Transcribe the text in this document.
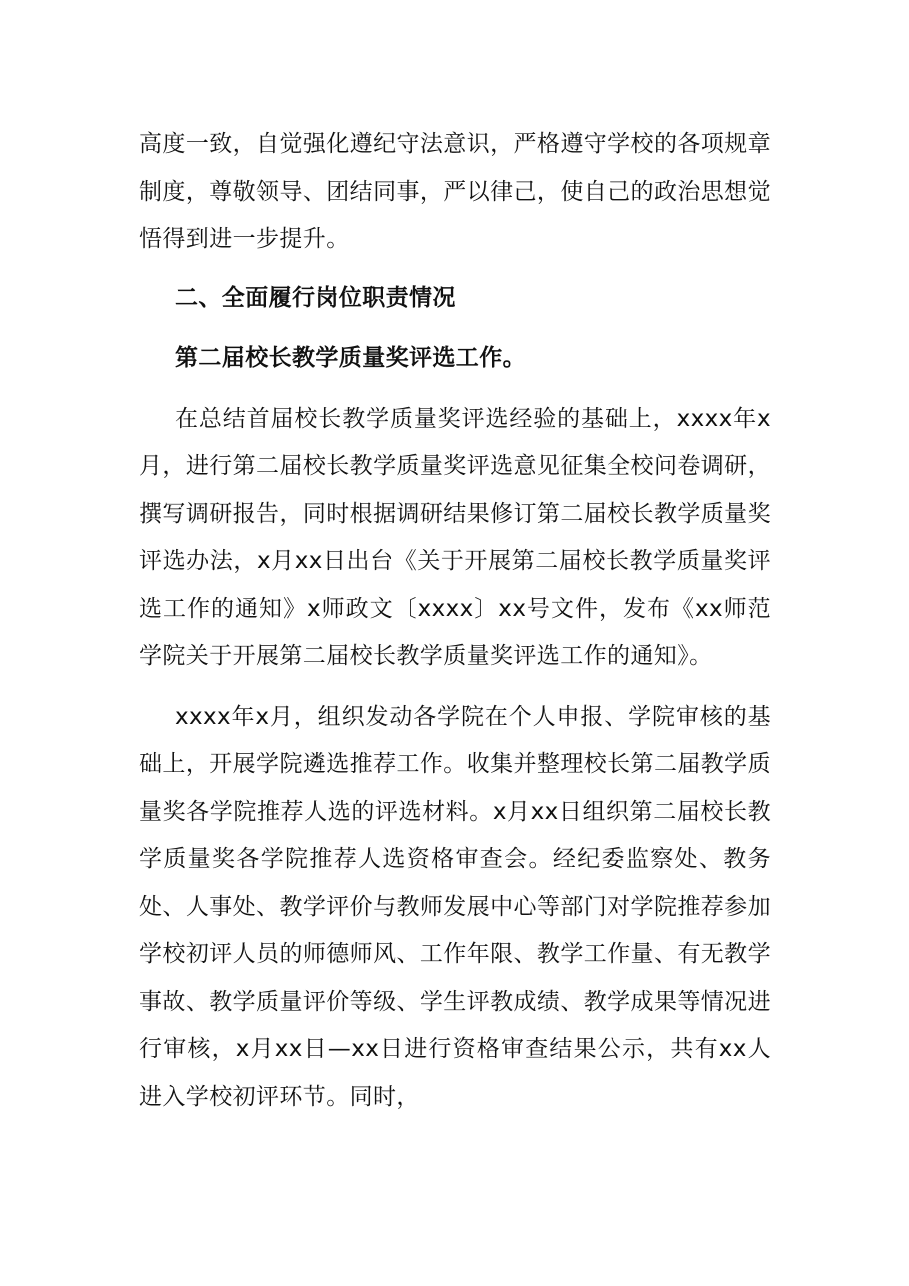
高度一致，自觉强化遵纪守法意识，严格遵守学校的各项规章制度，尊敬领导、团结同事，严以律己，使自己的政治思想觉悟得到进一步提升。

二、全面履行岗位职责情况
第二届校长教学质量奖评选工作。

在总结首届校长教学质量奖评选经验的基础上，xxxx年x月，进行第二届校长教学质量奖评选意见征集全校问卷调研，撰写调研报告，同时根据调研结果修订第二届校长教学质量奖评选办法，x月xx日出台《关于开展第二届校长教学质量奖评选工作的通知》x师政文〔xxxx〕xx号文件，发布《xx师范学院关于开展第二届校长教学质量奖评选工作的通知》。

xxxx年x月，组织发动各学院在个人申报、学院审核的基础上，开展学院遴选推荐工作。收集并整理校长第二届教学质量奖各学院推荐人选的评选材料。x月xx日组织第二届校长教学质量奖各学院推荐人选资格审查会。经纪委监察处、教务处、人事处、教学评价与教师发展中心等部门对学院推荐参加学校初评人员的师德师风、工作年限、教学工作量、有无教学事故、教学质量评价等级、学生评教成绩、教学成果等情况进行审核，x月xx日—xx日进行资格审查结果公示，共有xx人进入学校初评环节。同时，
